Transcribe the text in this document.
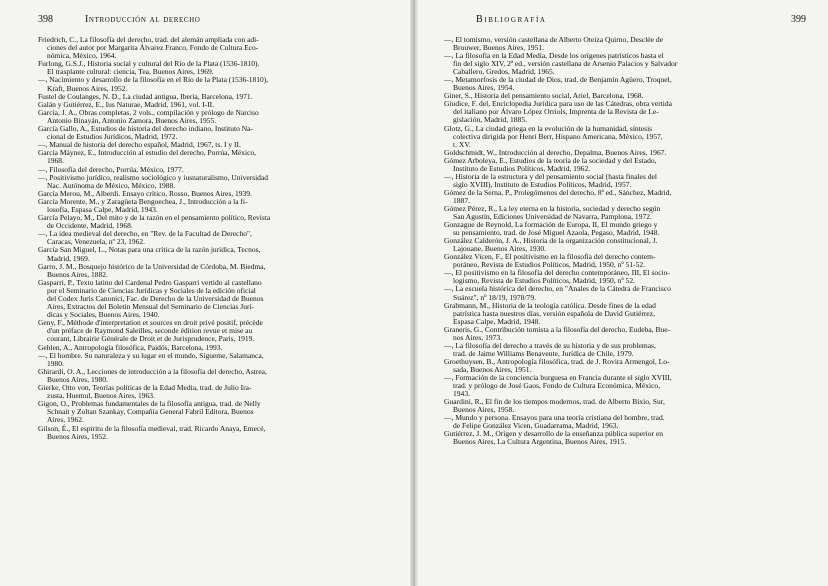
398	Introducción al derecho
Friedrich, C., La filosofía del derecho, trad. del alemán ampliada con adi-
ciones del autor por Margarita Álvarez Franco, Fondo de Cultura Eco-
nómica, México, 1964.
Furlong, G.S.J., Historia social y cultural del Río de la Plata (1536-1810).
El trasplante cultural: ciencia, Tea, Buenos Aires, 1969.
—, Nacimiento y desarrollo de la filosofía en el Río de la Plata (1536-1810),
Kraft, Buenos Aires, 1952.
Fustel de Coulanges, N. D., La ciudad antigua, Iberia, Barcelona, 1971.
Galán y Gutiérrez, E., Ius Naturae, Madrid, 1961, vol. I-II.
García, J. A., Obras completas, 2 vols., compilación y prólogo de Narciso
Antonio Binayán, Antonio Zamora, Buenos Aires, 1955.
García Gallo, A., Estudios de historia del derecho indiano, Instituto Na-
cional de Estudios Jurídicos, Madrid, 1972.
—, Manual de historia del derecho español, Madrid, 1967, ts. I y II.
García Máynez, E., Introducción al estudio del derecho, Porrúa, México,
1968.
—, Filosofía del derecho, Porrúa, México, 1977.
—, Positivismo jurídico, realismo sociológico y iusnaturalismo, Universidad
Nac. Autónoma de México, México, 1988.
García Merou, M., Alberdi. Ensayo crítico, Rosso, Buenos Aires, 1939.
García Morente, M., y Zaragüeta Bengoechea, J., Introducción a la fi-
losofía, Espasa Calpe, Madrid, 1943.
García Pelayo, M., Del mito y de la razón en el pensamiento político, Revista
de Occidente, Madrid, 1968.
—, La idea medieval del derecho, en "Rev. de la Facultad de Derecho",
Caracas, Venezuela, nº 23, 1962.
García San Miguel, L., Notas para una crítica de la razón jurídica, Tecnos,
Madrid, 1969.
Garro, J. M., Bosquejo histórico de la Universidad de Córdoba, M. Biedma,
Buenos Aires, 1882.
Gasparri, P., Texto latino del Cardenal Pedro Gasparri vertido al castellano
por el Seminario de Ciencias Jurídicas y Sociales de la edición oficial
del Codex Juris Canonici, Fac. de Derecho de la Universidad de Buenos
Aires, Extractos del Boletín Mensual del Seminario de Ciencias Jurí-
dicas y Sociales, Buenos Aires, 1940.
Geny, F., Méthode d'interpretation et sources en droit privé positif, précède
d'un préface de Raymond Saleilles, seconde édition revue et mise au
courant, Librairie Générale de Droit et de Jurisprudence, Paris, 1919.
Gehlen, A., Antropología filosófica, Paidós, Barcelona, 1993.
—, El hombre. Su naturaleza y su lugar en el mundo, Sígueme, Salamanca,
1980.
Ghirardi, O. A., Lecciones de introducción a la filosofía del derecho, Astrea,
Buenos Aires, 1980.
Gierke, Otto von, Teorías políticas de la Edad Media, trad. de Julio Ira-
zusta, Huemul, Buenos Aires, 1963.
Gigon, O., Problemas fundamentales de la filosofía antigua, trad. de Nelly
Schnait y Zoltan Szankay, Compañía General Fabril Editora, Buenos
Aires, 1962.
Gilson, É., El espíritu de la filosofía medieval, trad. Ricardo Anaya, Emecé,
Buenos Aires, 1952.
Bibliografía	399
—, El tomismo, versión castellana de Alberto Oteiza Quirno, Desclée de
Brouwer, Buenos Aires, 1951.
—, La filosofía en la Edad Media, Desde los orígenes patrísticos hasta el
fin del siglo XIV, 2ª ed., versión castellana de Arsenio Palacios y Salvador
Caballero, Gredos, Madrid, 1965.
—, Metamorfosis de la ciudad de Dios, trad. de Benjamín Agüero, Troquel,
Buenos Aires, 1954.
Giner, S., Historia del pensamiento social, Ariel, Barcelona, 1968.
Giudice, F. del, Enciclopedia Jurídica para uso de las Cátedras, obra vertida
del italiano por Álvaro López Orriols, Imprenta de la Revista de Le-
gislación, Madrid, 1885.
Glotz, G., La ciudad griega en la evolución de la humanidad, síntesis
colectiva dirigida por Henri Berr, Hispano Americana, México, 1957,
t. XV.
Goldschmidt, W., Introducción al derecho, Depalma, Buenos Aires, 1967.
Gómez Arboleya, E., Estudios de la teoría de la sociedad y del Estado,
Instituto de Estudios Políticos, Madrid, 1962.
—, Historia de la estructura y del pensamiento social (hasta finales del
siglo XVIII), Instituto de Estudios Políticos, Madrid, 1957.
Gómez de la Serna, P., Prolegómenos del derecho, 8ª ed., Sánchez, Madrid,
1887.
Gómez Pérez, R., La ley eterna en la historia, sociedad y derecho según
San Agustín, Ediciones Universidad de Navarra, Pamplona, 1972.
Gonzague de Reynold, La formación de Europa, II, El mundo griego y
su pensamiento, trad. de José Miguel Azaola, Pegaso, Madrid, 1948.
González Calderón, J. A., Historia de la organización constitucional, J.
Lajouane, Buenos Aires, 1930.
González Vicen, F., El positivismo en la filosofía del derecho contem-
poráneo, Revista de Estudios Políticos, Madrid, 1950, nº 51-52.
—, El positivismo en la filosofía del derecho contemporáneo, III, El socio-
logismo, Revista de Estudios Políticos, Madrid, 1950, nº 52.
—, La escuela histórica del derecho, en "Anales de la Cátedra de Francisco
Suárez", nº 18/19, 1978/79.
Grabmann, M., Historia de la teología católica. Desde fines de la edad
patrística hasta nuestros días, versión española de David Gutiérrez,
Espasa Calpe, Madrid, 1948.
Graneris, G., Contribución tomista a la filosofía del derecho, Eudeba, Bue-
nos Aires, 1973.
—, La filosofía del derecho a través de su historia y de sus problemas,
trad. de Jaime Williams Benavente, Jurídica de Chile, 1979.
Groethuysen, B., Antropología filosófica, trad. de J. Rovira Armengol, Lo-
sada, Buenos Aires, 1951.
—, Formación de la conciencia burguesa en Francia durante el siglo XVIII,
trad. y prólogo de José Gaos, Fondo de Cultura Económica, México,
1943.
Guardini, R., El fin de los tiempos modernos, trad. de Alberto Bixio, Sur,
Buenos Aires, 1958.
—, Mundo y persona. Ensayos para una teoría cristiana del hombre, trad.
de Felipe González Vicen, Guadarrama, Madrid, 1963.
Gutiérrez, J. M., Origen y desarrollo de la enseñanza pública superior en
Buenos Aires, La Cultura Argentina, Buenos Aires, 1915.
